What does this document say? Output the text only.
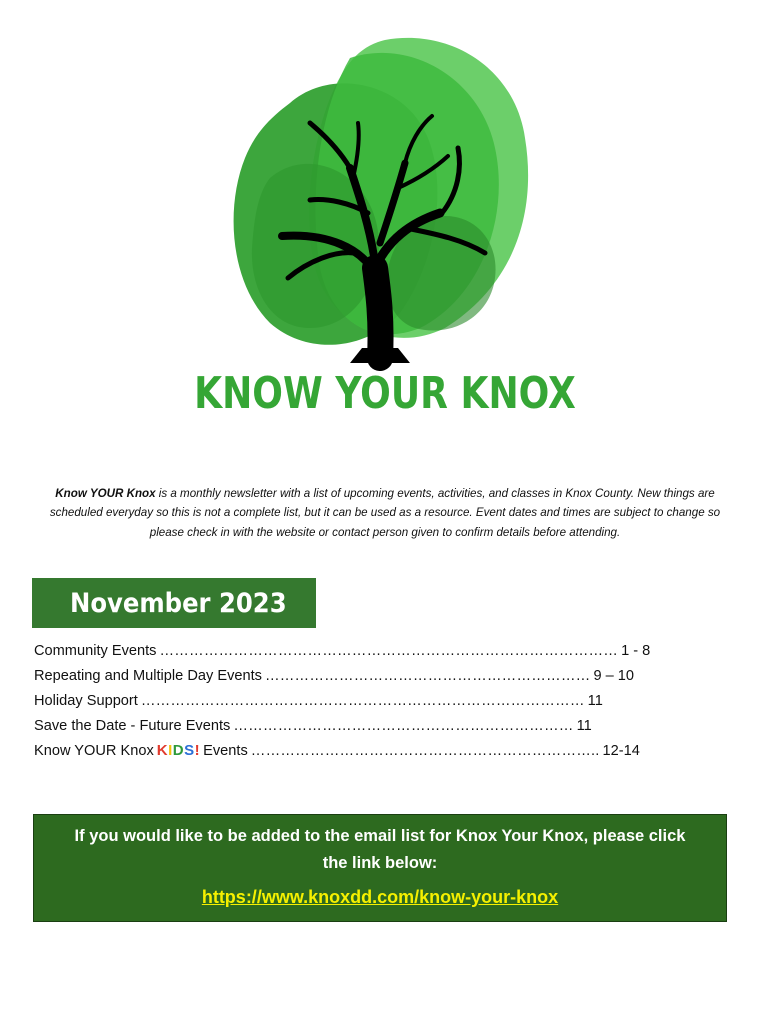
KNOW YOUR KNOX

Know YOUR Knox is a monthly newsletter with a list of upcoming events, activities, and classes in Knox County. New things are scheduled everyday so this is not a complete list, but it can be used as a resource. Event dates and times are subject to change so please check in with the website or contact person given to confirm details before attending.

November 2023
Community Events ………………………………………………………………………………… 1 - 8
Repeating and Multiple Day Events ………………………………………………………… 9 – 10
Holiday Support ……………………………………………………………………………… 11
Save the Date - Future Events …………………………………………………………… 11
Know YOUR Knox KIDS! Events …………………………………………………………….. 12-14
If you would like to be added to the email list for Knox Your Knox, please click the link below:
https://www.knoxdd.com/know-your-knox
